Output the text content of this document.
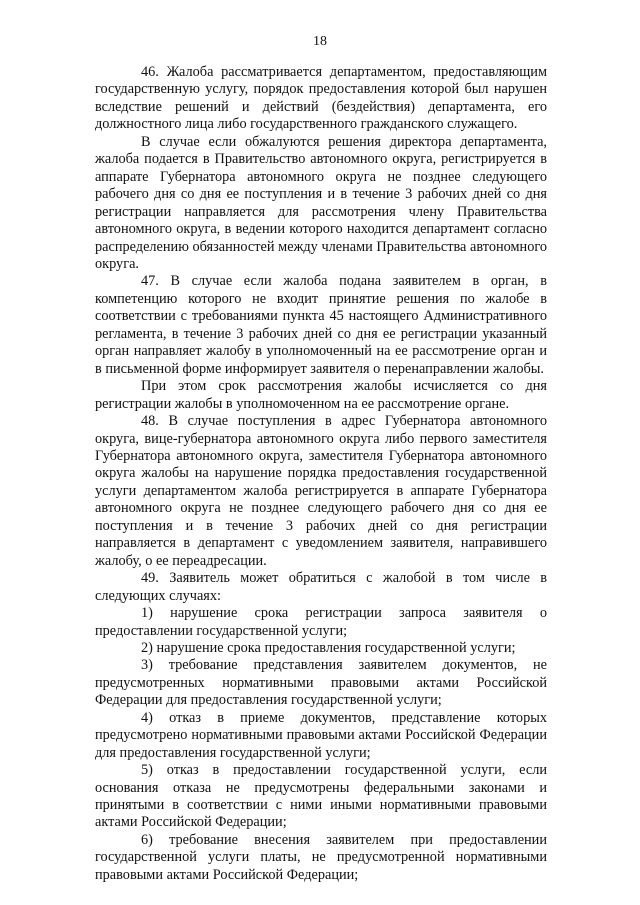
18

46. Жалоба рассматривается департаментом, предоставляющим государственную услугу, порядок предоставления которой был нарушен вследствие решений и действий (бездействия) департамента, его должностного лица либо государственного гражданского служащего.

В случае если обжалуются решения директора департамента, жалоба подается в Правительство автономного округа, регистрируется в аппарате Губернатора автономного округа не позднее следующего рабочего дня со дня ее поступления и в течение 3 рабочих дней со дня регистрации направляется для рассмотрения члену Правительства автономного округа, в ведении которого находится департамент согласно распределению обязанностей между членами Правительства автономного округа.

47. В случае если жалоба подана заявителем в орган, в компетенцию которого не входит принятие решения по жалобе в соответствии с требованиями пункта 45 настоящего Административного регламента, в течение 3 рабочих дней со дня ее регистрации указанный орган направляет жалобу в уполномоченный на ее рассмотрение орган и в письменной форме информирует заявителя о перенаправлении жалобы.

При этом срок рассмотрения жалобы исчисляется со дня регистрации жалобы в уполномоченном на ее рассмотрение органе.

48. В случае поступления в адрес Губернатора автономного округа, вице-губернатора автономного округа либо первого заместителя Губернатора автономного округа, заместителя Губернатора автономного округа жалобы на нарушение порядка предоставления государственной услуги департаментом жалоба регистрируется в аппарате Губернатора автономного округа не позднее следующего рабочего дня со дня ее поступления и в течение 3 рабочих дней со дня регистрации направляется в департамент с уведомлением заявителя, направившего жалобу, о ее переадресации.

49. Заявитель может обратиться с жалобой в том числе в следующих случаях:

1) нарушение срока регистрации запроса заявителя о предоставлении государственной услуги;

2) нарушение срока предоставления государственной услуги;

3) требование представления заявителем документов, не предусмотренных нормативными правовыми актами Российской Федерации для предоставления государственной услуги;

4) отказ в приеме документов, представление которых предусмотрено нормативными правовыми актами Российской Федерации для предоставления государственной услуги;

5) отказ в предоставлении государственной услуги, если основания отказа не предусмотрены федеральными законами и принятыми в соответствии с ними иными нормативными правовыми актами Российской Федерации;

6) требование внесения заявителем при предоставлении государственной услуги платы, не предусмотренной нормативными правовыми актами Российской Федерации;
